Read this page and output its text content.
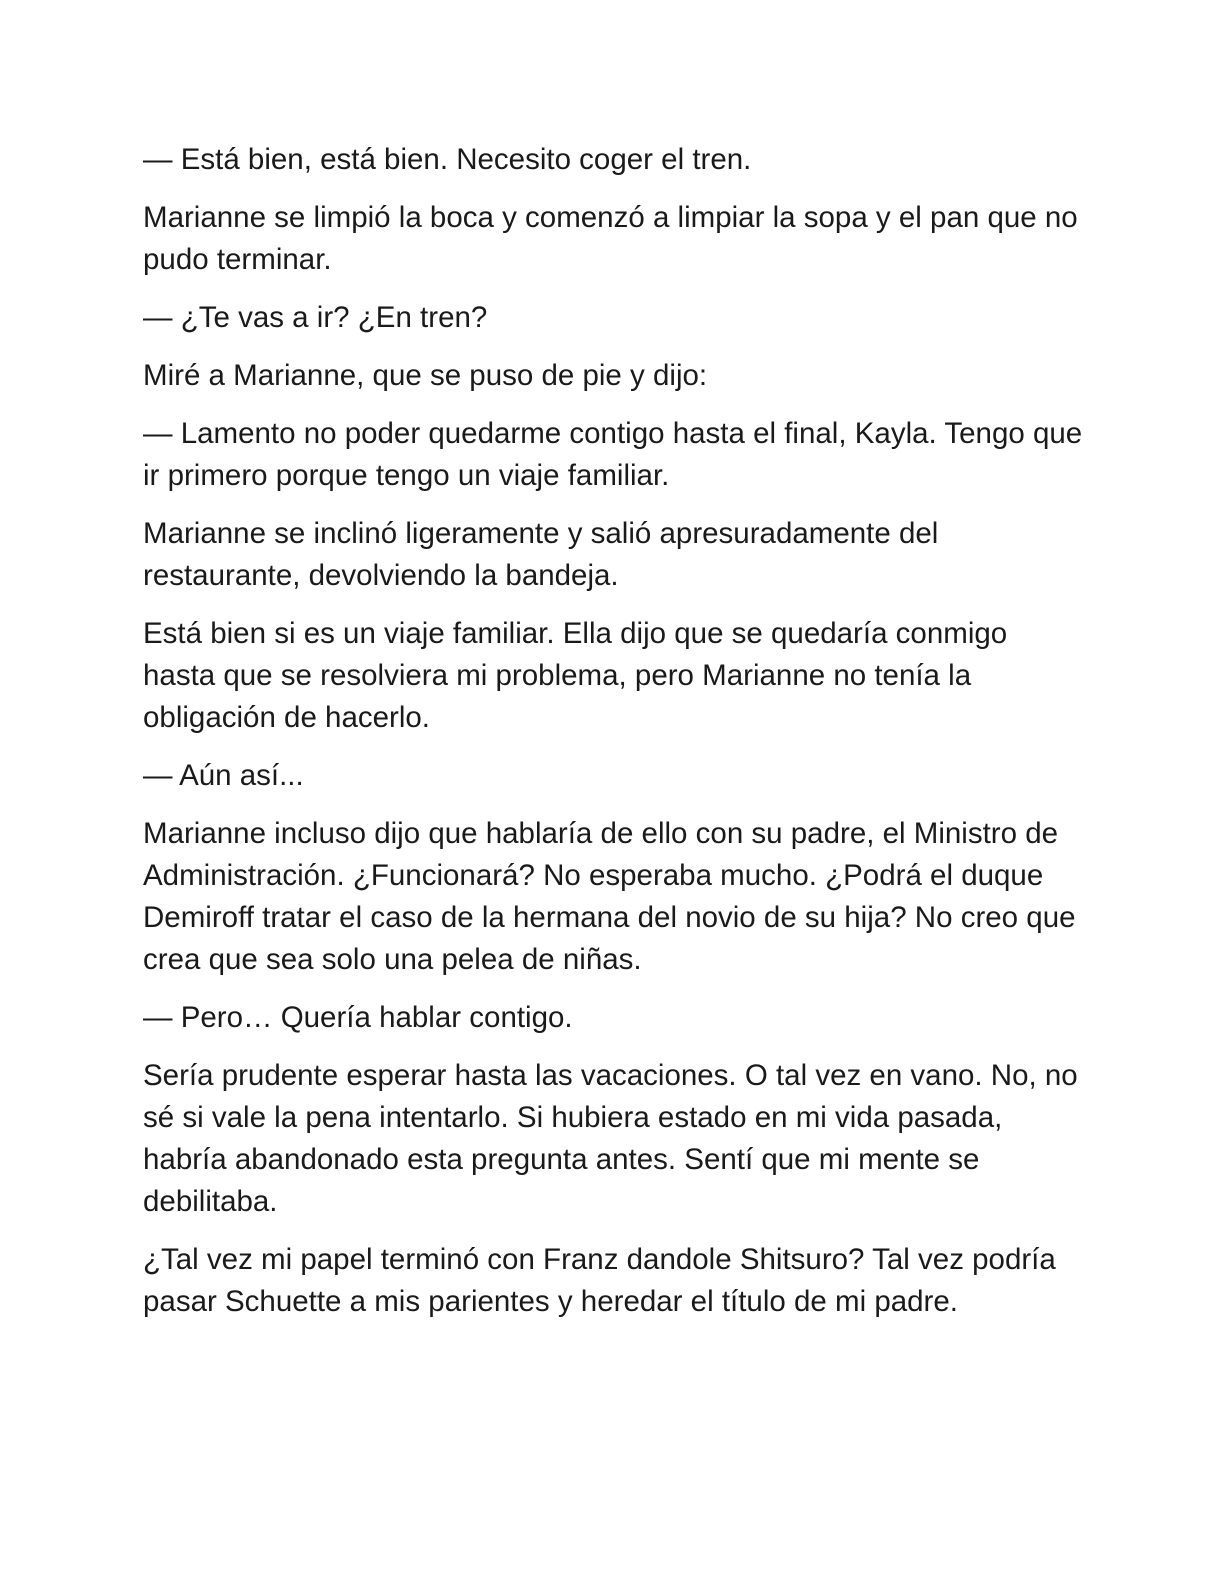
— Está bien, está bien. Necesito coger el tren.

Marianne se limpió la boca y comenzó a limpiar la sopa y el pan que no pudo terminar.

— ¿Te vas a ir? ¿En tren?

Miré a Marianne, que se puso de pie y dijo:

— Lamento no poder quedarme contigo hasta el final, Kayla. Tengo que ir primero porque tengo un viaje familiar.

Marianne se inclinó ligeramente y salió apresuradamente del restaurante, devolviendo la bandeja.

Está bien si es un viaje familiar. Ella dijo que se quedaría conmigo hasta que se resolviera mi problema, pero Marianne no tenía la obligación de hacerlo.

— Aún así...

Marianne incluso dijo que hablaría de ello con su padre, el Ministro de Administración. ¿Funcionará? No esperaba mucho. ¿Podrá el duque Demiroff tratar el caso de la hermana del novio de su hija? No creo que crea que sea solo una pelea de niñas.

— Pero… Quería hablar contigo.

Sería prudente esperar hasta las vacaciones. O tal vez en vano. No, no sé si vale la pena intentarlo. Si hubiera estado en mi vida pasada, habría abandonado esta pregunta antes. Sentí que mi mente se debilitaba.

¿Tal vez mi papel terminó con Franz dandole Shitsuro? Tal vez podría pasar Schuette a mis parientes y heredar el título de mi padre.
